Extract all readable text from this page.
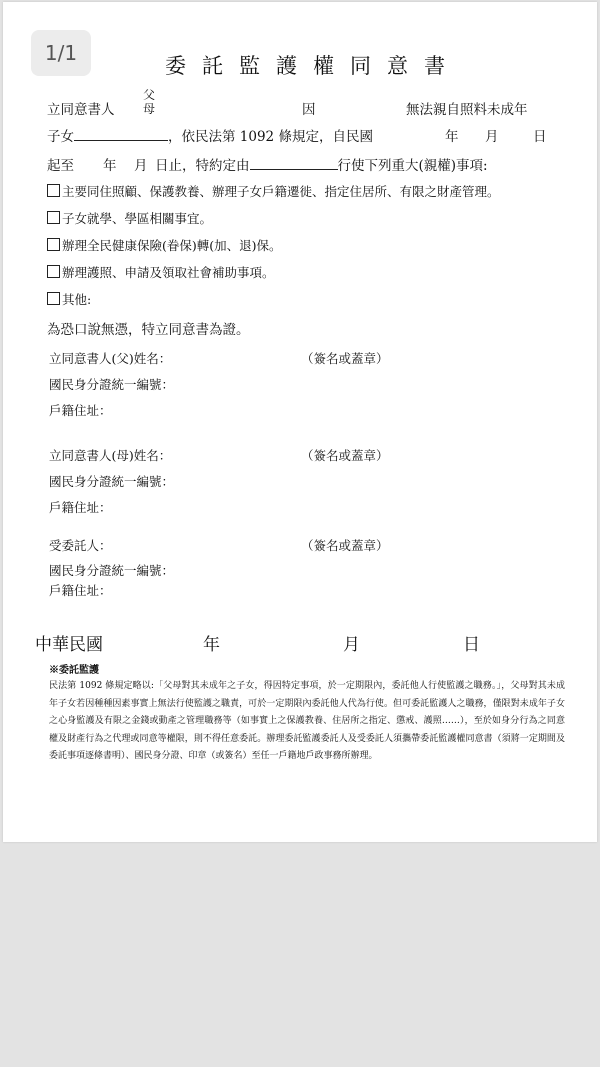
1/1
委託監護權同意書
立同意書人
父
母	因	無法親自照料未成年
子女	，依民法第 1092 條規定，自民國	年 月	日
起至 年 月 日止，特約定由	行使下列重大(親權)事項:
主要同住照顧、保護教養、辦理子女戶籍遷徙、指定住居所、有限之財產管理。
子女就學、學區相關事宜。
辦理全民健康保險(眷保)轉(加、退)保。
辦理護照、申請及領取社會補助事項。
其他:
為恐口說無憑，特立同意書為證。
立同意書人(父)姓名：	（簽名或蓋章）
國民身分證統一編號：
戶籍住址：
立同意書人(母)姓名：	（簽名或蓋章）
國民身分證統一編號：
戶籍住址：
受委託人：	（簽名或蓋章）
國民身分證統一編號：
戶籍住址：
中華民國	年	月	日
※委託監護
民法第 1092 條規定略以:「父母對其未成年之子女，得因特定事項，於一定期限內，委託他人行使監護之職務。」，父母對其未成年子女若因種種因素事實上無法行使監護之職責，可於一定期限內委託他人代為行使。但可委託監護人之職務，僅限對未成年子女之心身監護及有限之金錢或動產之管理職務等（如事實上之保護教養、住居所之指定、懲戒、護照……），至於如身分行為之同意權及財產行為之代理或同意等權限，則不得任意委託。辦理委託監護委託人及受委託人須攜帶委託監護權同意書（須將一定期間及委託事項逐條書明）、國民身分證、印章（或簽名）至任一戶籍地戶政事務所辦理。
